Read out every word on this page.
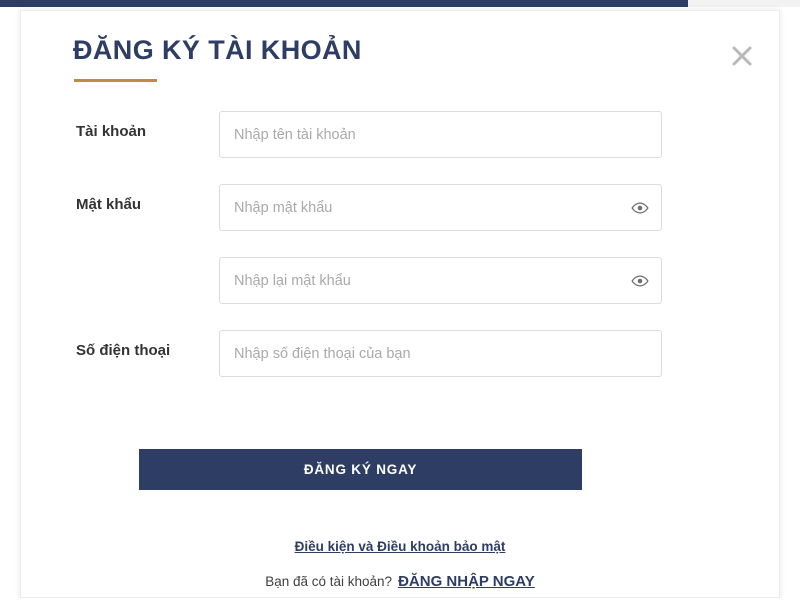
ĐĂNG KÝ TÀI KHOẢN
Tài khoản
Nhập tên tài khoản
Mật khẩu
Số điện thoại
Nhập số điện thoại của bạn
ĐĂNG KÝ NGAY
Điều kiện và Điều khoản bảo mật
Bạn đã có tài khoản? ĐĂNG NHẬP NGAY
